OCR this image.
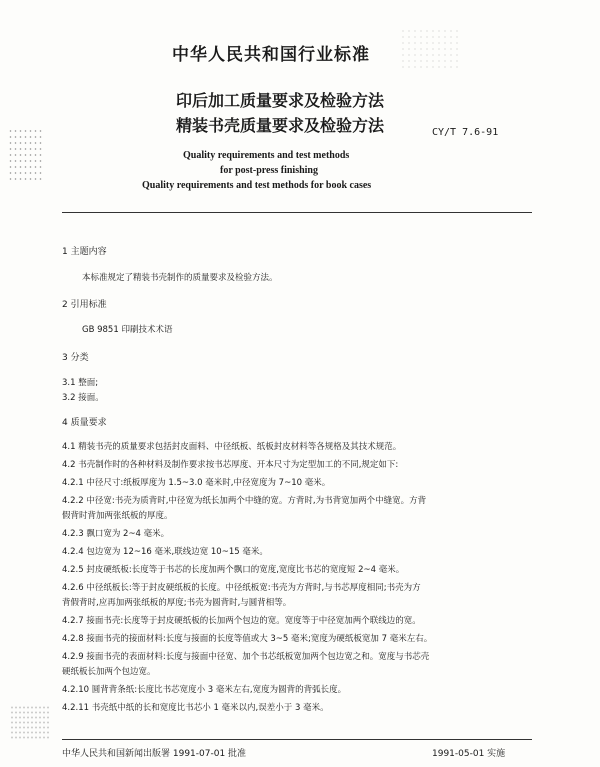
中华人民共和国行业标准
印后加工质量要求及检验方法
精装书壳质量要求及检验方法	CY/T 7.6-91
Quality requirements and test methods
for post-press finishing
Quality requirements and test methods for book cases
1 主题内容
本标准规定了精装书壳制作的质量要求及检验方法。
2 引用标准
GB 9851 印刷技术术语
3 分类
3.1 整面;
3.2 接面。
4 质量要求
4.1 精装书壳的质量要求包括封皮面料、中径纸板、纸板封皮材料等各规格及其技术规范。
4.2 书壳制作时的各种材料及制作要求按书芯厚度、开本尺寸为定型加工的不同,规定如下:
4.2.1 中径尺寸:纸板厚度为 1.5~3.0 毫米时,中径宽度为 7~10 毫米。
4.2.2 中径宽:书壳为质背时,中径宽为纸长加两个中缝的宽。方背时,为书背宽加两个中缝宽。方背
假背时背加两张纸板的厚度。
4.2.3 飘口宽为 2~4 毫米。
4.2.4 包边宽为 12~16 毫米,联线边宽 10~15 毫米。
4.2.5 封皮硬纸板:长度等于书芯的长度加两个飘口的宽度,宽度比书芯的宽度短 2~4 毫米。
4.2.6 中径纸板长:等于封皮硬纸板的长度。中径纸板宽:书壳为方背时,与书芯厚度相同;书壳为方
背假背时,应再加两张纸板的厚度;书壳为圆背时,与圆背相等。
4.2.7 接面书壳:长度等于封皮硬纸板的长加两个包边的宽。宽度等于中径宽加两个联线边的宽。
4.2.8 接面书壳的接面材料:长度与接面的长度等值或大 3~5 毫米;宽度为硬纸板宽加 7 毫米左右。
4.2.9 接面书壳的表面材料:长度与接面中径宽、加个书芯纸板宽加两个包边宽之和。宽度与书芯壳
硬纸板长加两个包边宽。
4.2.10 圆背背条纸:长度比书芯宽度小 3 毫米左右,宽度为圆背的背弧长度。
4.2.11 书壳纸中纸的长和宽度比书芯小 1 毫米以内,误差小于 3 毫米。
中华人民共和国新闻出版署 1991-07-01 批准	1991-05-01 实施
